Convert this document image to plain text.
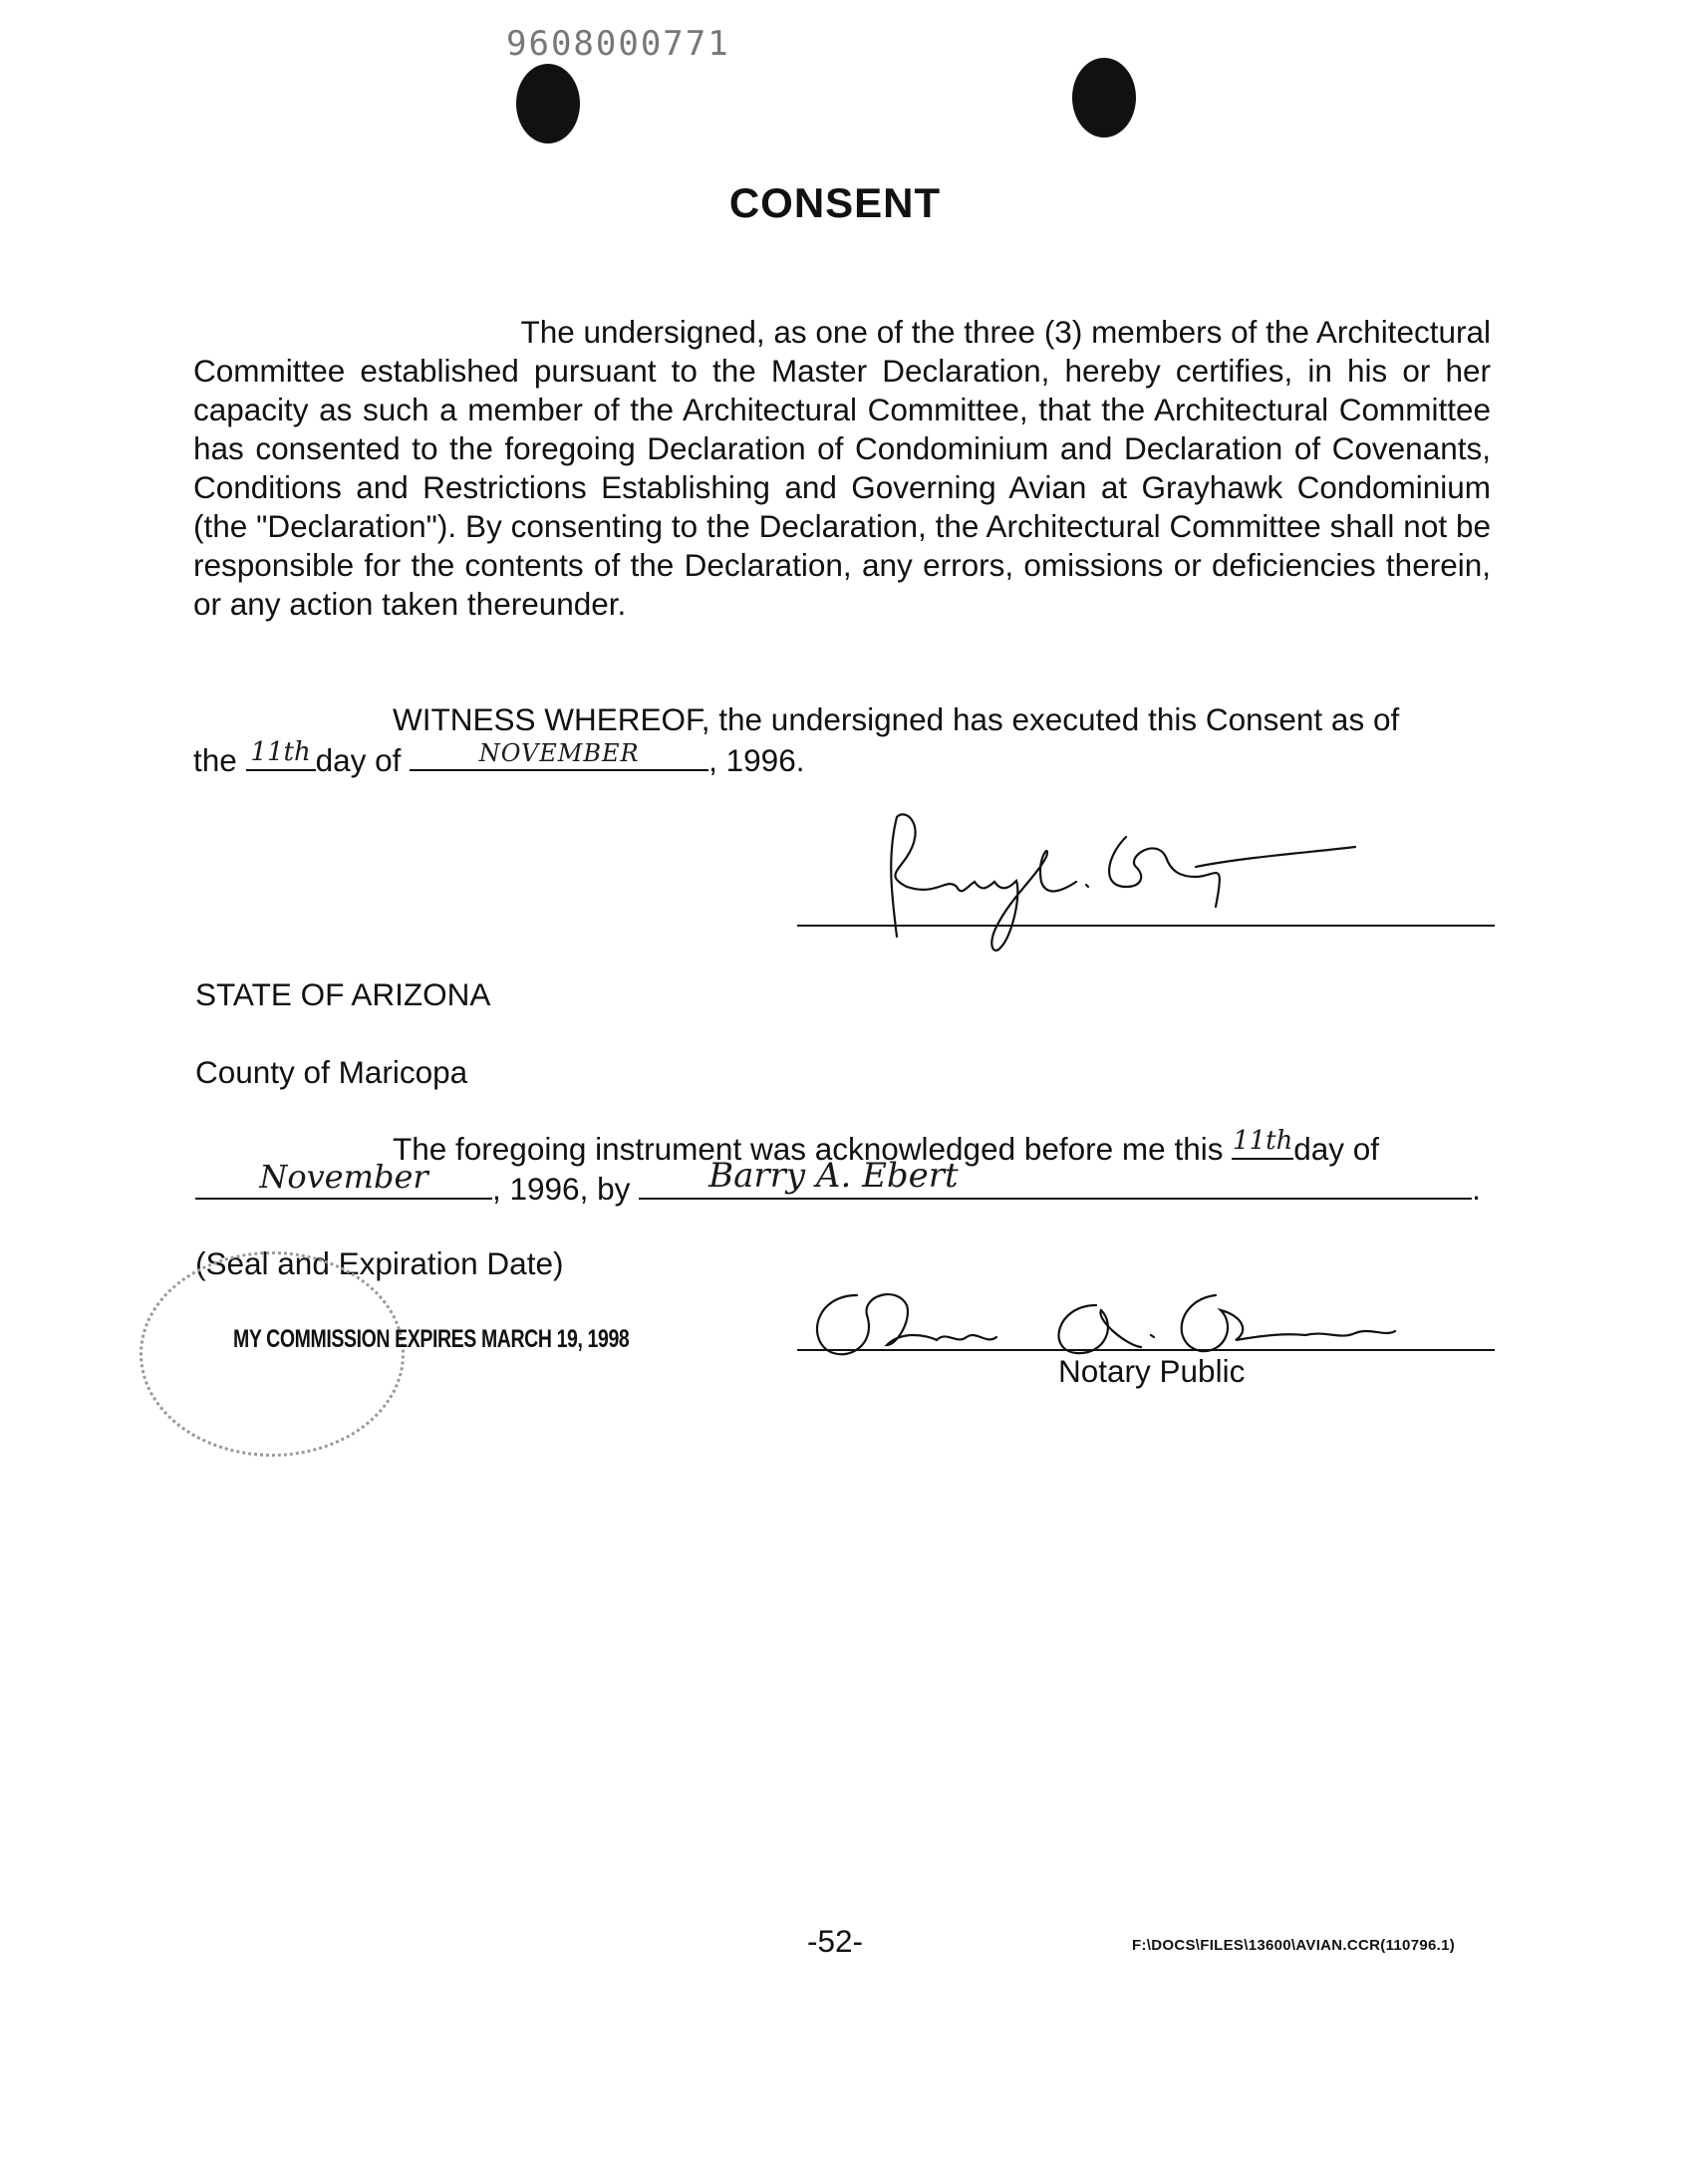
9608000771
CONSENT
The undersigned, as one of the three (3) members of the Architectural
Committee established pursuant to the Master Declaration, hereby certifies, in his or her capacity as such a member of the Architectural Committee, that the Architectural Committee has consented to the foregoing Declaration of Condominium and Declaration of Covenants, Conditions and Restrictions Establishing and Governing Avian at Grayhawk Condominium (the "Declaration"). By consenting to the Declaration, the Architectural Committee shall not be responsible for the contents of the Declaration, any errors, omissions or deficiencies therein, or any action taken thereunder.
WITNESS WHEREOF, the undersigned has executed this Consent as of
the 11th day of	NOVEMBER	, 1996.
STATE OF ARIZONA
County of Maricopa
The foregoing instrument was acknowledged before me this 11th day of
November	, 1996, by	Barry A. Ebert	.
(Seal and Expiration Date)
MY COMMISSION EXPIRES MARCH 19, 1998
Notary Public
-52-	F:\DOCS\FILES\13600\AVIAN.CCR(110796.1)
